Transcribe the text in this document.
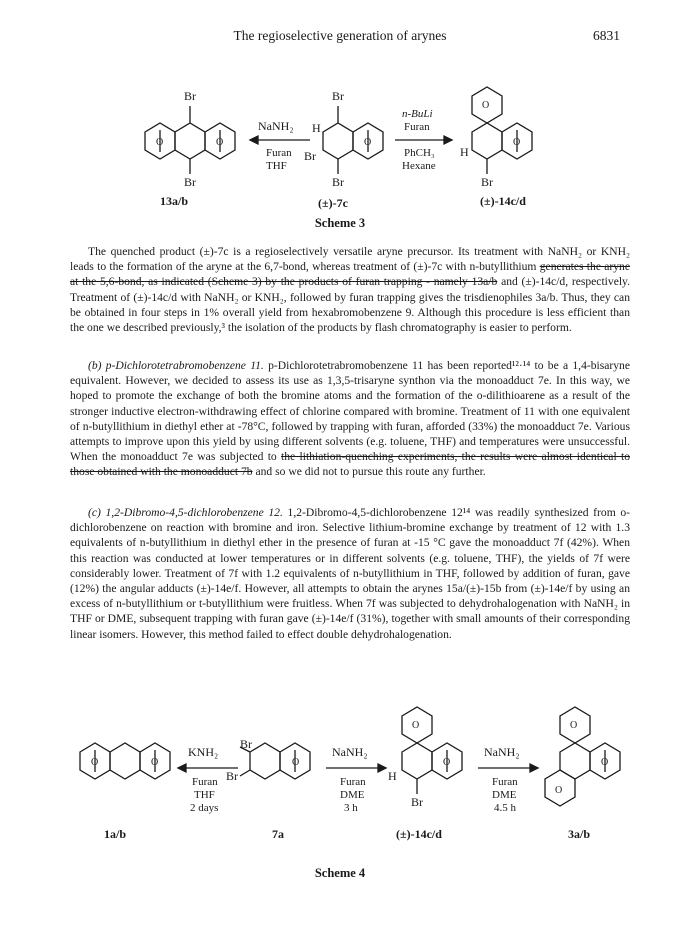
The regioselective generation of arynes	6831
Br
Br
O	O
NaNH₂
Furan
THF
Br
H
Br
Br
O
n-BuLi
Furan
PhCH₃
Hexane
O
O
H
Br
13a/b	(±)-7c	(±)-14c/d
Scheme 3

The quenched product (±)-7c is a regioselectively versatile aryne precursor. Its treatment with NaNH₂ or KNH₂ leads to the formation of the aryne at the 6,7-bond, whereas treatment of (±)-7c with n-butyllithium generates the aryne at the 5,6-bond, as indicated (Scheme 3) by the products of furan trapping - namely 13a/b and (±)-14c/d, respectively. Treatment of (±)-14c/d with NaNH₂ or KNH₂, followed by furan trapping gives the trisdienophiles 3a/b. Thus, they can be obtained in four steps in 1% overall yield from hexabromobenzene 9. Although this procedure is less efficient than the one we described previously,³ the isolation of the products by flash chromatography is easier to perform.

(b) p-Dichlorotetrabromobenzene 11. p-Dichlorotetrabromobenzene 11 has been reported¹²·¹⁴ to be a 1,4-bisaryne equivalent. However, we decided to assess its use as 1,3,5-trisaryne synthon via the monoadduct 7e. In this way, we hoped to promote the exchange of both the bromine atoms and the formation of the o-dilithioarene as a result of the stronger inductive electron-withdrawing effect of chlorine compared with bromine. Treatment of 11 with one equivalent of n-butyllithium in diethyl ether at -78°C, followed by trapping with furan, afforded (33%) the monoadduct 7e. Various attempts to improve upon this yield by using different solvents (e.g. toluene, THF) and temperatures were unsuccessful. When the monoadduct 7e was subjected to the lithiation-quenching experiments, the results were almost identical to those obtained with the monoadduct 7b and so we did not to pursue this route any further.

(c) 1,2-Dibromo-4,5-dichlorobenzene 12. 1,2-Dibromo-4,5-dichlorobenzene 12¹⁴ was readily synthesized from o-dichlorobenzene on reaction with bromine and iron. Selective lithium-bromine exchange by treatment of 12 with 1.3 equivalents of n-butyllithium in diethyl ether in the presence of furan at -15 °C gave the monoadduct 7f (42%). When this reaction was conducted at lower temperatures or in different solvents (e.g. toluene, THF), the yields of 7f were considerably lower. Treatment of 7f with 1.2 equivalents of n-butyllithium in THF, followed by addition of furan, gave (12%) the angular adducts (±)-14e/f. However, all attempts to obtain the arynes 15a/(±)-15b from (±)-14e/f by using an excess of n-butyllithium or t-butyllithium were fruitless. When 7f was subjected to dehydrohalogenation with NaNH₂ in THF or DME, subsequent trapping with furan gave (±)-14e/f (31%), together with small amounts of their corresponding linear isomers. However, this method failed to effect double dehydrohalogenation.

O	O
KNH₂
Furan
THF
2 days
O
Br
Br
NaNH₂
Furan
DME
3 h
O
O
H
Br
NaNH₂
Furan
DME
4.5 h
O
O
O
1a/b	7a	(±)-14c/d	3a/b
Scheme 4
